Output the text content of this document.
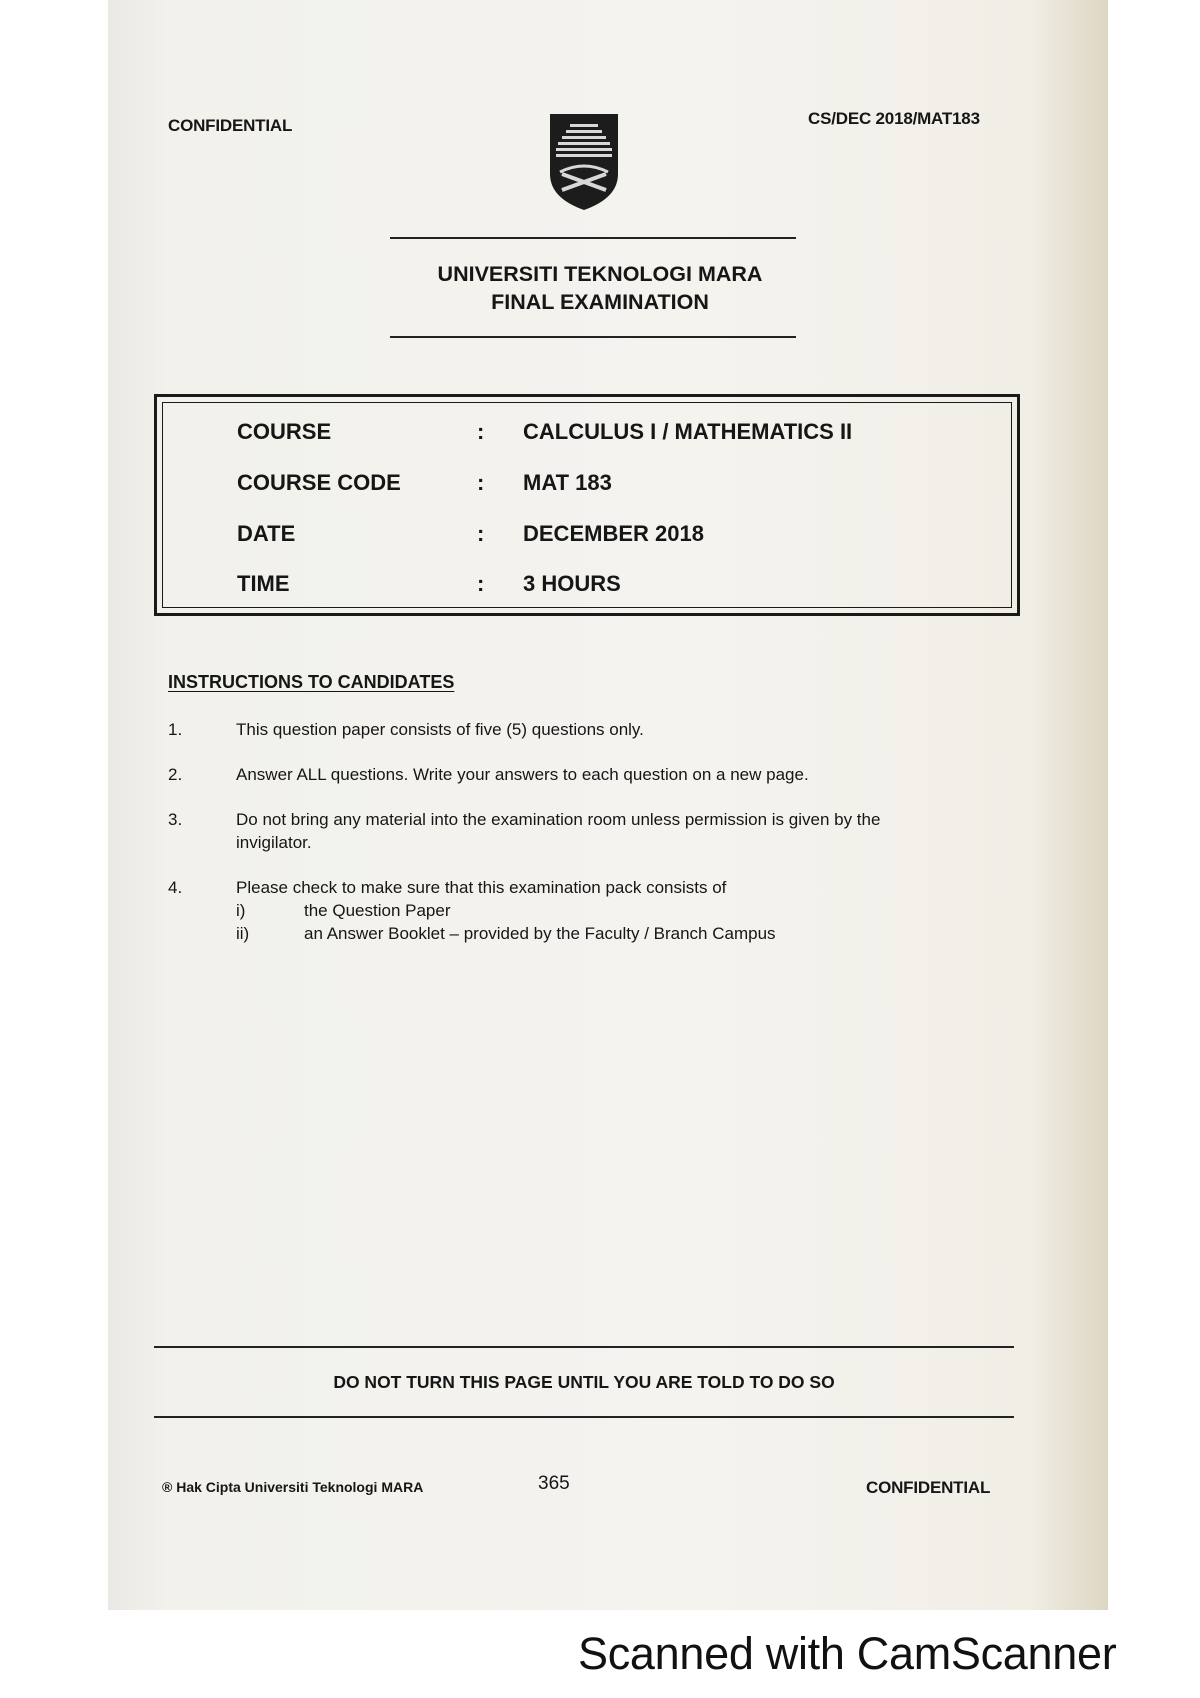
CONFIDENTIAL	CS/DEC 2018/MAT183
UNIVERSITI TEKNOLOGI MARA
FINAL EXAMINATION
COURSE	: CALCULUS I / MATHEMATICS II
COURSE CODE	: MAT 183
DATE	: DECEMBER 2018
TIME	: 3 HOURS
INSTRUCTIONS TO CANDIDATES
1.	This question paper consists of five (5) questions only.
2.	Answer ALL questions. Write your answers to each question on a new page.
3.	Do not bring any material into the examination room unless permission is given by the invigilator.
4.	Please check to make sure that this examination pack consists of
i)	the Question Paper
ii)	an Answer Booklet – provided by the Faculty / Branch Campus
DO NOT TURN THIS PAGE UNTIL YOU ARE TOLD TO DO SO
® Hak Cipta Universiti Teknologi MARA	365	CONFIDENTIAL
Scanned with CamScanner
